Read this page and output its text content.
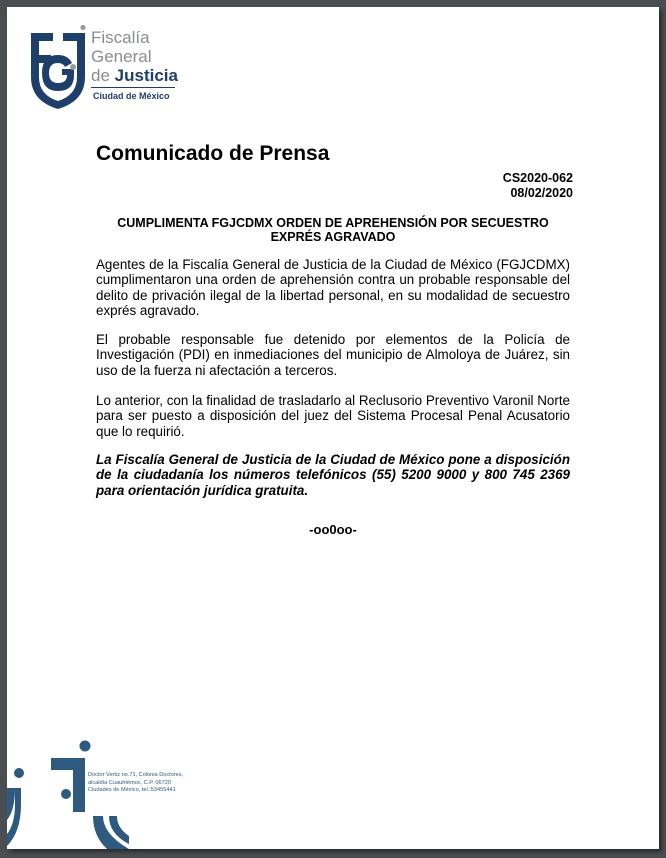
Fiscalía
General
de Justicia
Ciudad de México
Comunicado de Prensa
CS2020-062
08/02/2020
CUMPLIMENTA FGJCDMX ORDEN DE APREHENSIÓN POR SECUESTRO
EXPRÉS AGRAVADO
Agentes de la Fiscalía General de Justicia de la Ciudad de México (FGJCDMX) cumplimentaron una orden de aprehensión contra un probable responsable del delito de privación ilegal de la libertad personal, en su modalidad de secuestro exprés agravado.
El probable responsable fue detenido por elementos de la Policía de Investigación (PDI) en inmediaciones del municipio de Almoloya de Juárez, sin uso de la fuerza ni afectación a terceros.
Lo anterior, con la finalidad de trasladarlo al Reclusorio Preventivo Varonil Norte para ser puesto a disposición del juez del Sistema Procesal Penal Acusatorio que lo requirió.
La Fiscalía General de Justicia de la Ciudad de México pone a disposición de la ciudadanía los números telefónicos (55) 5200 9000 y 800 745 2369 para orientación jurídica gratuita.
-oo0oo-
Doctor Vertiz no.71, Colonia Doctores,
alcaldía Cuauhtémoc, C.P. 06720
Ciudades de México, tel.:53455441
